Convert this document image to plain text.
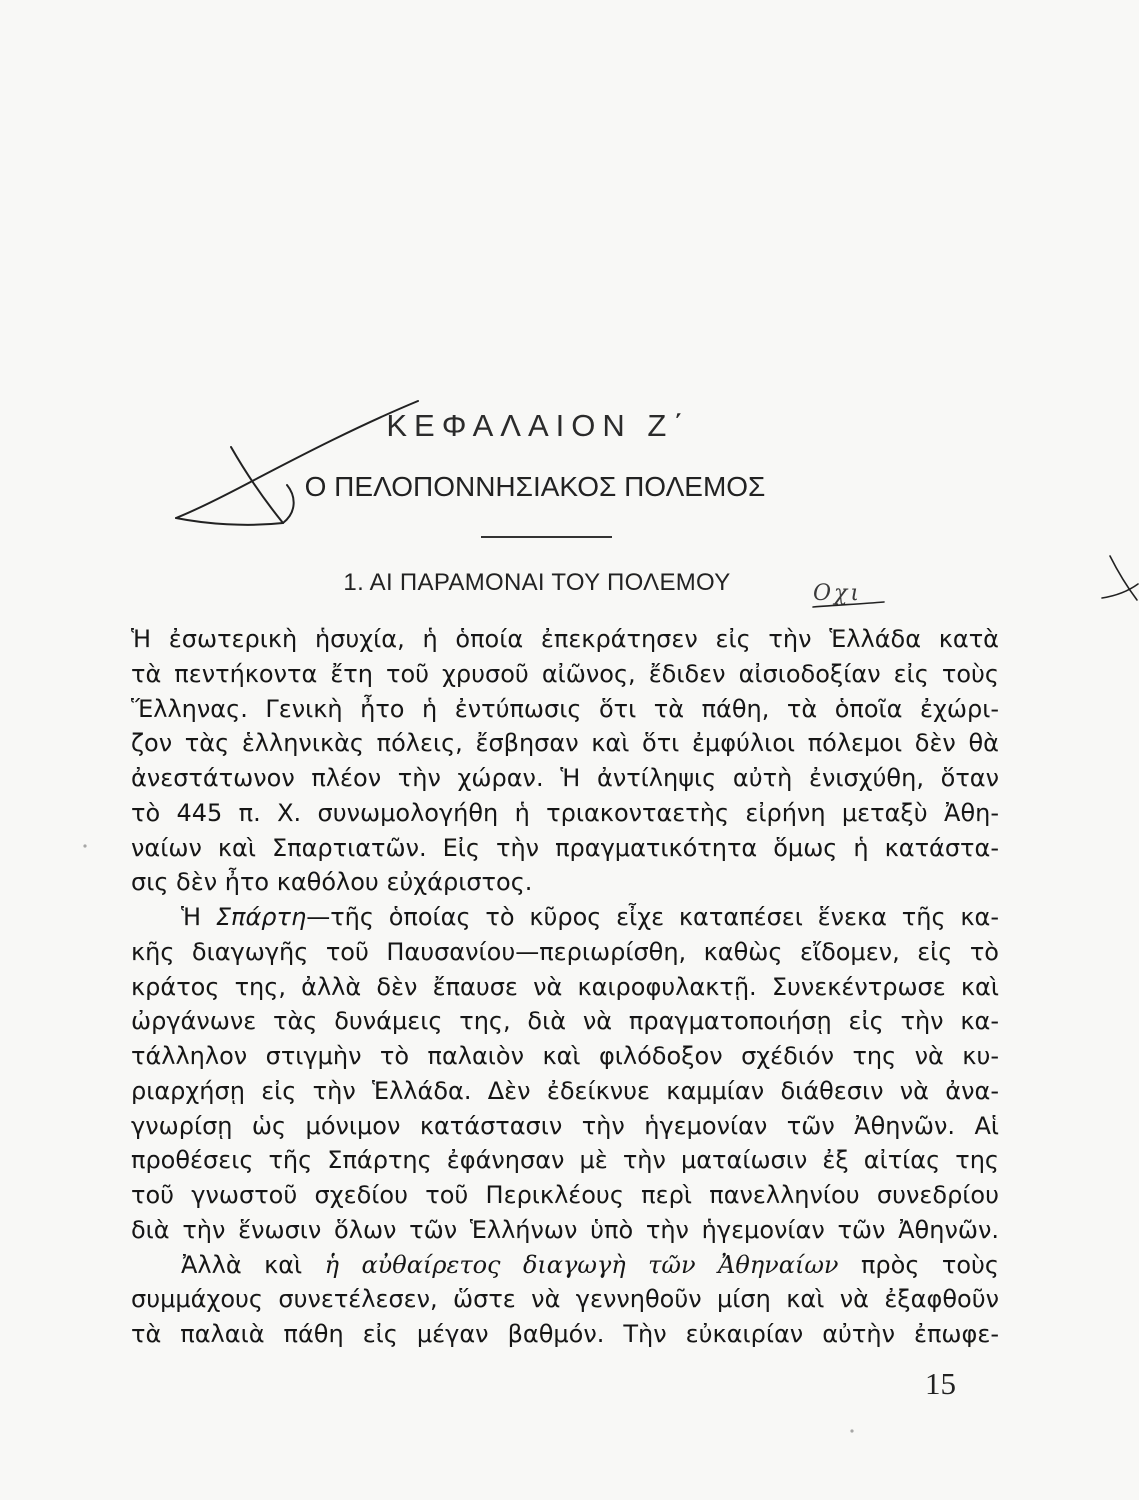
ΚΕΦΑΛΑΙΟΝ Ζ΄
Ο ΠΕΛΟΠΟΝΝΗΣΙΑΚΟΣ ΠΟΛΕΜΟΣ
1. ΑΙ ΠΑΡΑΜΟΝΑΙ ΤΟΥ ΠΟΛΕΜΟΥ	Οχι
Ἡ ἐσωτερικὴ ἡσυχία, ἡ ὁποία ἐπεκράτησεν εἰς τὴν Ἑλλάδα κατὰ
τὰ πεντήκοντα ἔτη τοῦ χρυσοῦ αἰῶνος, ἔδιδεν αἰσιοδοξίαν εἰς τοὺς
Ἕλληνας. Γενικὴ ἦτο ἡ ἐντύπωσις ὅτι τὰ πάθη, τὰ ὁποῖα ἐχώρι-
ζον τὰς ἑλληνικὰς πόλεις, ἔσβησαν καὶ ὅτι ἐμφύλιοι πόλεμοι δὲν θὰ
ἀνεστάτωνον πλέον τὴν χώραν. Ἡ ἀντίληψις αὐτὴ ἐνισχύθη, ὅταν
τὸ 445 π. Χ. συνωμολογήθη ἡ τριακονταετὴς εἰρήνη μεταξὺ Ἀθη-
ναίων καὶ Σπαρτιατῶν. Εἰς τὴν πραγματικότητα ὅμως ἡ κατάστα-
σις δὲν ἦτο καθόλου εὐχάριστος.
Ἡ Σπάρτη—τῆς ὁποίας τὸ κῦρος εἶχε καταπέσει ἕνεκα τῆς κα-
κῆς διαγωγῆς τοῦ Παυσανίου—περιωρίσθη, καθὼς εἴδομεν, εἰς τὸ
κράτος της, ἀλλὰ δὲν ἔπαυσε νὰ καιροφυλακτῇ. Συνεκέντρωσε καὶ
ὠργάνωνε τὰς δυνάμεις της, διὰ νὰ πραγματοποιήσῃ εἰς τὴν κα-
τάλληλον στιγμὴν τὸ παλαιὸν καὶ φιλόδοξον σχέδιόν της νὰ κυ-
ριαρχήσῃ εἰς τὴν Ἑλλάδα. Δὲν ἐδείκνυε καμμίαν διάθεσιν νὰ ἀνα-
γνωρίσῃ ὡς μόνιμον κατάστασιν τὴν ἡγεμονίαν τῶν Ἀθηνῶν. Αἱ
προθέσεις τῆς Σπάρτης ἐφάνησαν μὲ τὴν ματαίωσιν ἐξ αἰτίας της
τοῦ γνωστοῦ σχεδίου τοῦ Περικλέους περὶ πανελληνίου συνεδρίου
διὰ τὴν ἕνωσιν ὅλων τῶν Ἑλλήνων ὑπὸ τὴν ἡγεμονίαν τῶν Ἀθηνῶν.
Ἀλλὰ καὶ ἡ αὐθαίρετος διαγωγὴ τῶν Ἀθηναίων πρὸς τοὺς
συμμάχους συνετέλεσεν, ὥστε νὰ γεννηθοῦν μίση καὶ νὰ ἐξαφθοῦν
τὰ παλαιὰ πάθη εἰς μέγαν βαθμόν. Τὴν εὐκαιρίαν αὐτὴν ἐπωφε-
15
